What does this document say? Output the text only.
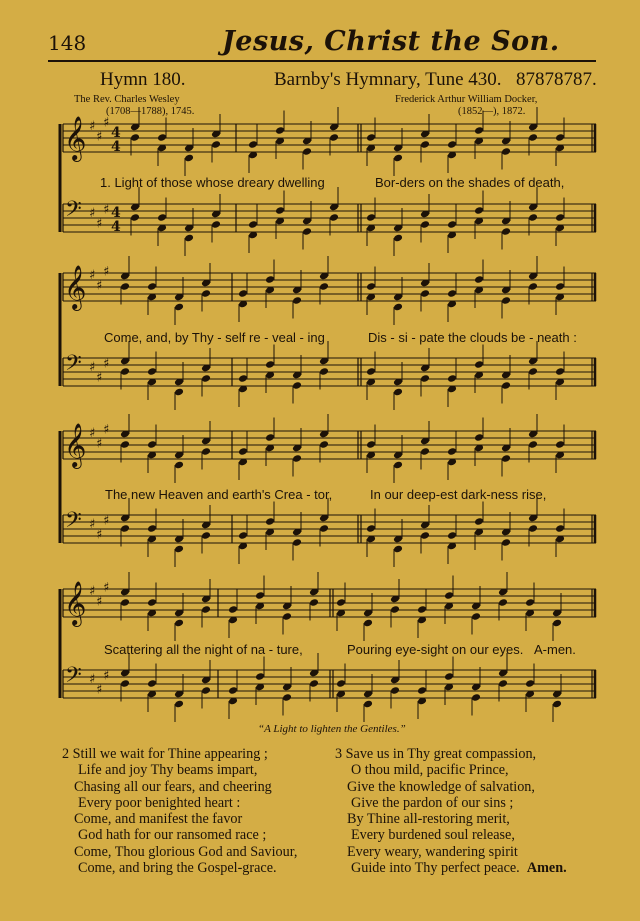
148	Jesus, Christ the Son.
Hymn 180.	Barnby's Hymnary, Tune 430. 87878787.
The Rev. Charles Wesley
(1708—1788), 1745.
Frederick Arthur William Docker,
(1852—), 1872.
𝄞 ♯
♯
♯
4
4
𝄞 ♯
♯
♯
𝄞 ♯
♯
♯
𝄞 ♯
♯
♯
𝄢 ♯
♯
♯ 4
4
𝄢 ♯
♯
♯
𝄢 ♯
♯
♯
𝄢 ♯
♯
♯
1. Light of those whose dreary dwelling	Bor-ders on the shades of death,
Come, and, by Thy - self re - veal - ing	Dis - si - pate the clouds be - neath :
The new Heaven and earth's Crea - tor,	In our deep-est dark-ness rise,
Scattering all the night of na - ture,	Pouring eye-sight on our eyes. A-men.
“A Light to lighten the Gentiles.”
2 Still we wait for Thine appearing ;
Life and joy Thy beams impart,
Chasing all our fears, and cheering
Every poor benighted heart :
Come, and manifest the favor
God hath for our ransomed race ;
Come, Thou glorious God and Saviour,
Come, and bring the Gospel-grace.
3 Save us in Thy great compassion,
O thou mild, pacific Prince,
Give the knowledge of salvation,
Give the pardon of our sins ;
By Thine all-restoring merit,
Every burdened soul release,
Every weary, wandering spirit
Guide into Thy perfect peace. Amen.
